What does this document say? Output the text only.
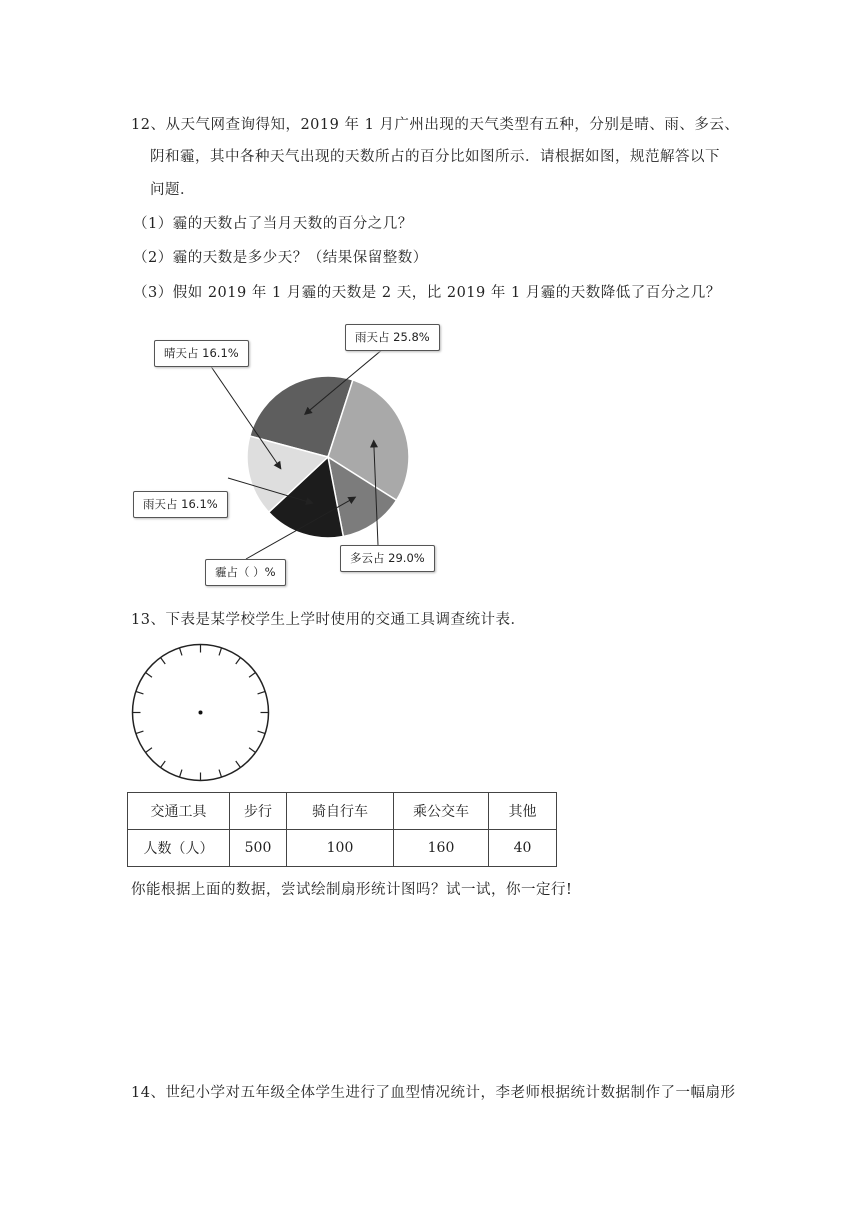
12、从天气网查询得知，2019 年 1 月广州出现的天气类型有五种，分别是晴、雨、多云、
阴和霾，其中各种天气出现的天数所占的百分比如图所示．请根据如图，规范解答以下
问题．
（1）霾的天数占了当月天数的百分之几？
（2）霾的天数是多少天？（结果保留整数）
（3）假如 2019 年 1 月霾的天数是 2 天，比 2019 年 1 月霾的天数降低了百分之几？
雨天占 25.8%
多云占 29.0%
霾占（ ）%
雨天占 16.1%
晴天占 16.1%
13、下表是某学校学生上学时使用的交通工具调查统计表．
交通工具	步行	骑自行车	乘公交车	其他
人数（人）	500	100	160	40
你能根据上面的数据，尝试绘制扇形统计图吗？试一试，你一定行!
14、世纪小学对五年级全体学生进行了血型情况统计，李老师根据统计数据制作了一幅扇形
